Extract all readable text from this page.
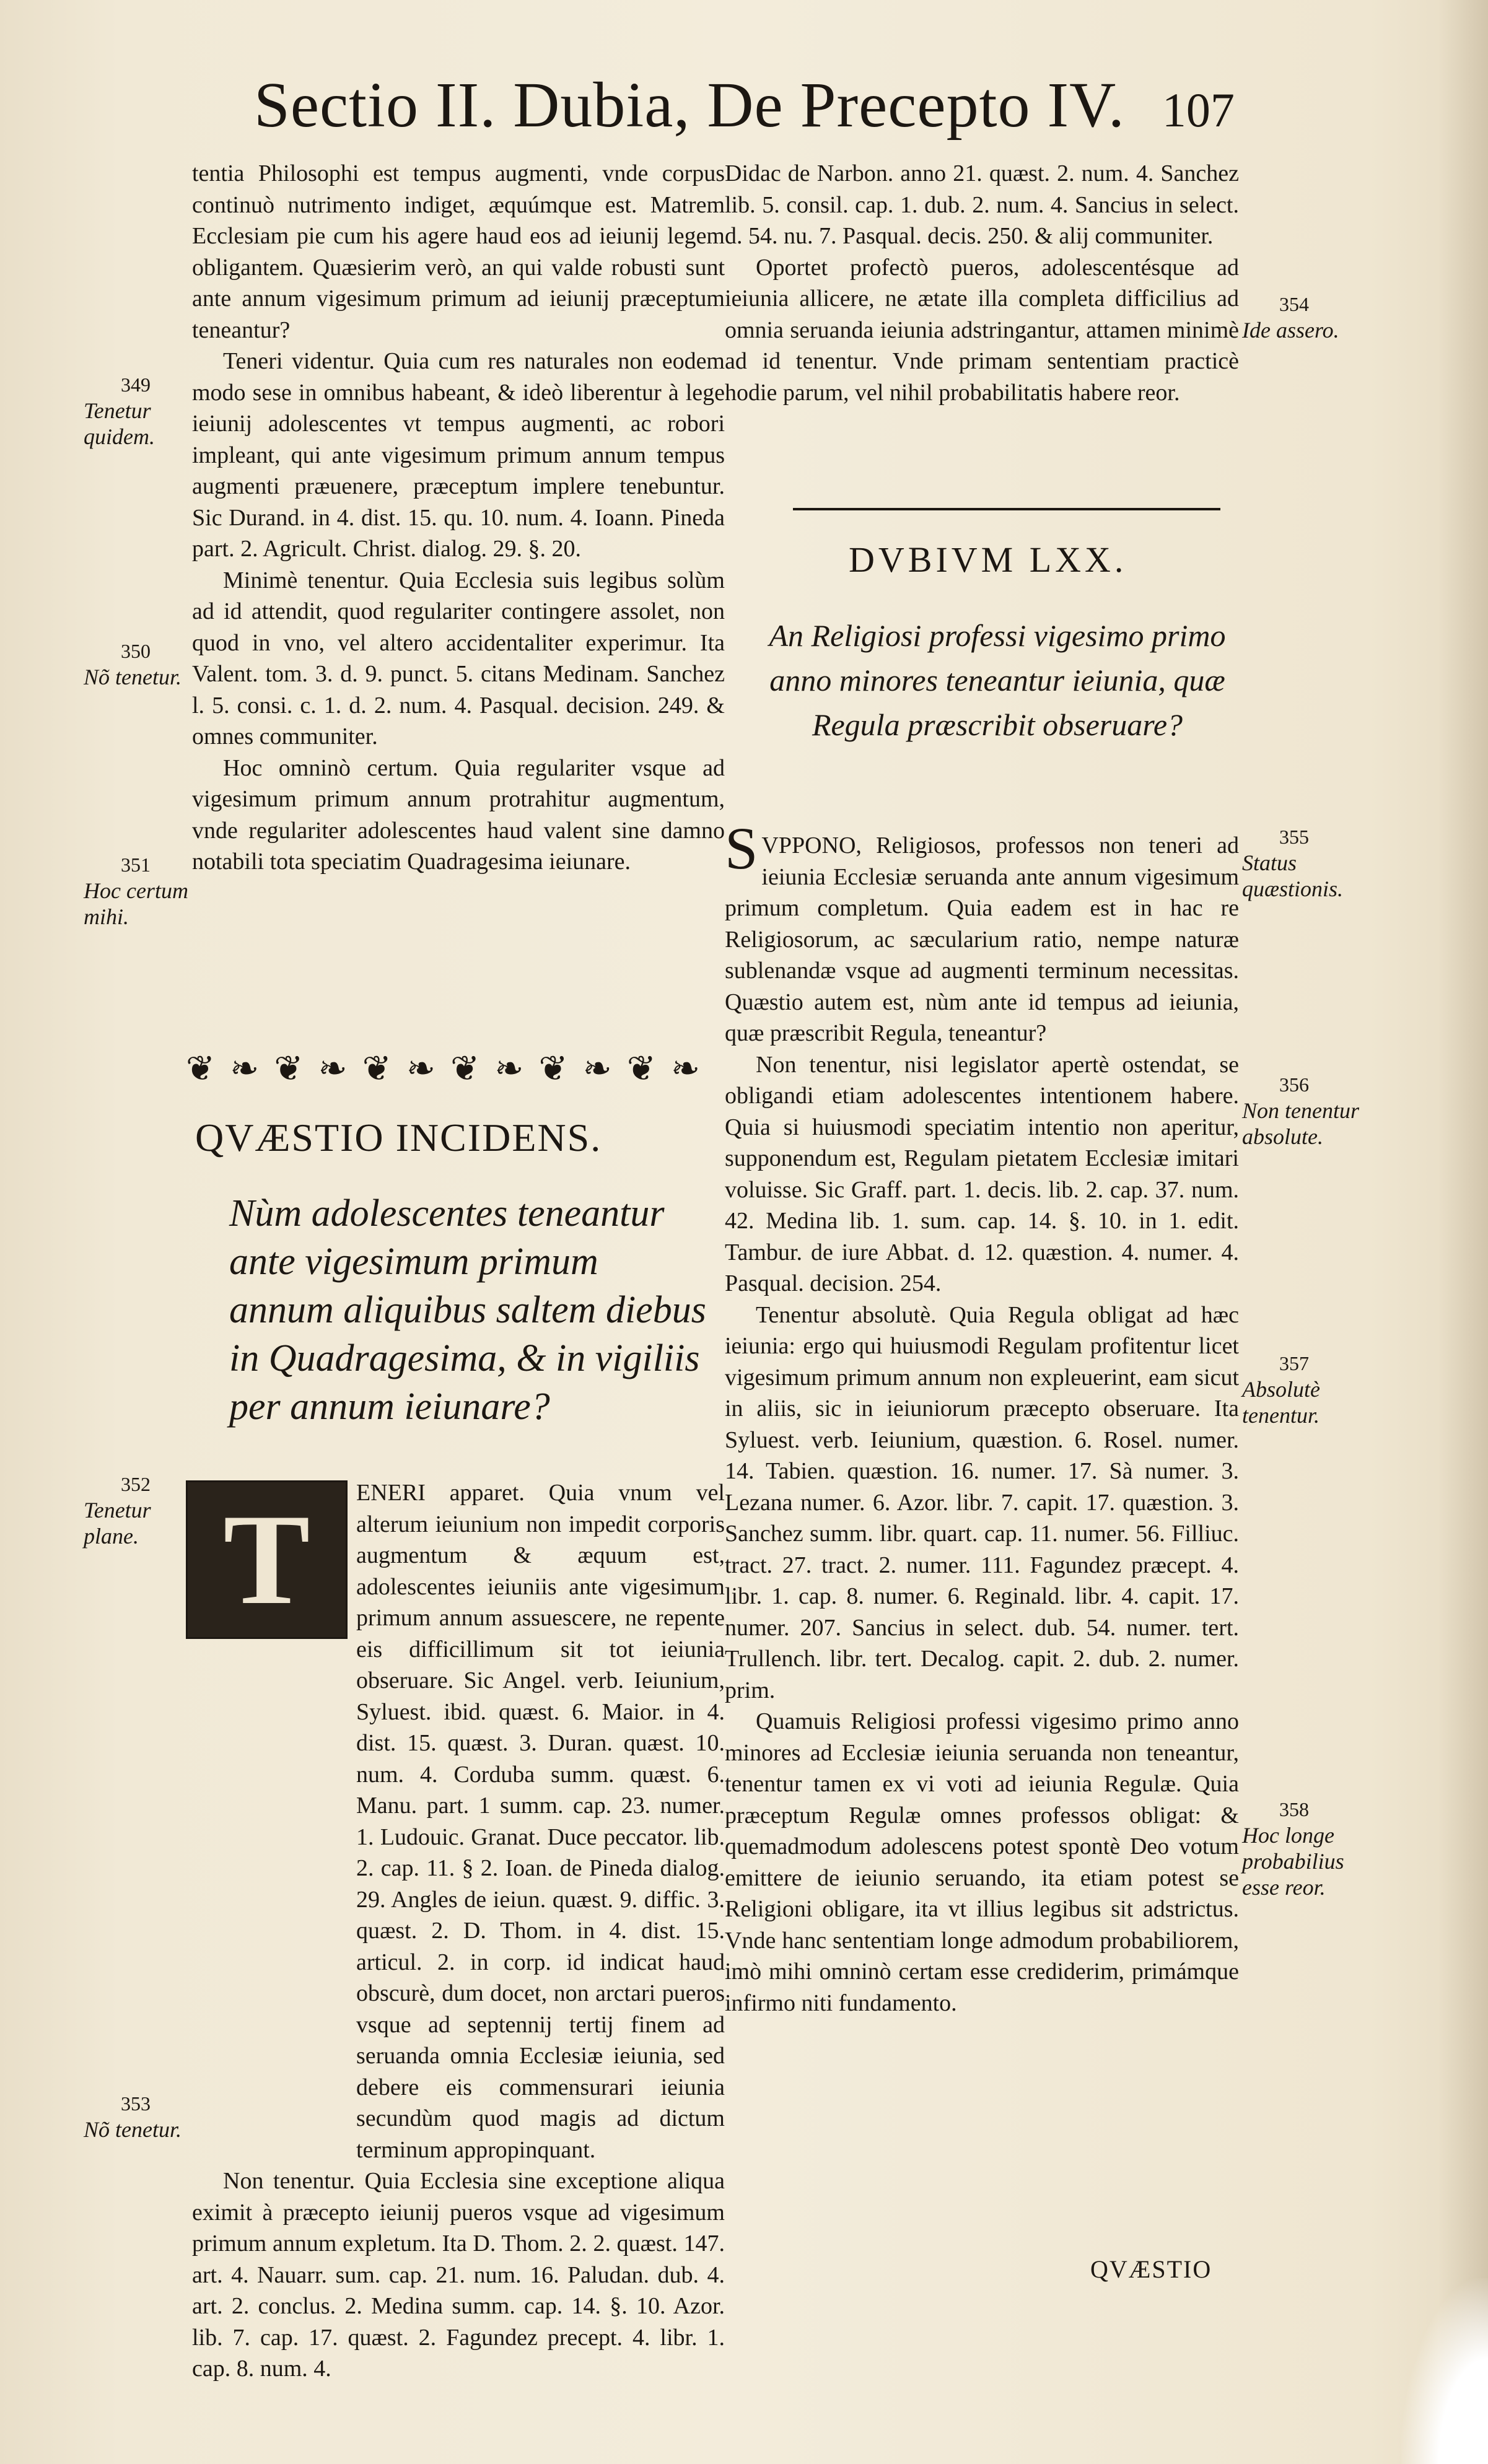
Sectio II. Dubia, De Precepto IV. 107

tentia Philosophi est tempus augmenti, vnde corpus continuò nutrimento indiget, æquúmque est. Matrem Ecclesiam pie cum his agere haud eos ad ieiunij legem obligantem. Quæsierim verò, an qui valde robusti sunt ante annum vigesimum primum ad ieiunij præceptum teneantur?

Teneri videntur. Quia cum res naturales non eodem modo sese in omnibus habeant, & ideò liberentur à lege ieiunij adolescentes vt tempus augmenti, ac robori impleant, qui ante vigesimum primum annum tempus augmenti præuenere, præceptum implere tenebuntur. Sic Durand. in 4. dist. 15. qu. 10. num. 4. Ioann. Pineda part. 2. Agricult. Christ. dialog. 29. §. 20.

Minimè tenentur. Quia Ecclesia suis legibus solùm ad id attendit, quod regulariter contingere assolet, non quod in vno, vel altero accidentaliter experimur. Ita Valent. tom. 3. d. 9. punct. 5. citans Medinam. Sanchez l. 5. consi. c. 1. d. 2. num. 4. Pasqual. decision. 249. & omnes communiter.

Hoc omninò certum. Quia regulariter vsque ad vigesimum primum annum protrahitur augmentum, vnde regulariter adolescentes haud valent sine damno notabili tota speciatim Quadragesima ieiunare.

❦ ❧ ❦ ❧ ❦ ❧ ❦ ❧ ❦ ❧ ❦ ❧
QVÆSTIO INCIDENS.
Nùm adolescentes teneantur ante vigesimum primum annum aliquibus saltem diebus in Quadragesima, & in vigiliis per annum ieiunare?
T	ENERI apparet. Quia vnum vel alterum ieiunium non impedit corporis augmentum & æquum est, adolescentes ieiuniis ante vigesimum primum annum assuescere, ne repente eis difficillimum sit tot ieiunia obseruare. Sic Angel. verb. Ieiunium, Syluest. ibid. quæst. 6. Maior. in 4. dist. 15. quæst. 3. Duran. quæst. 10. num. 4. Corduba summ. quæst. 6. Manu. part. 1 summ. cap. 23. numer. 1. Ludouic. Granat. Duce peccator. lib. 2. cap. 11. § 2. Ioan. de Pineda dialog. 29. Angles de ieiun. quæst. 9. diffic. 3. quæst. 2. D. Thom. in 4. dist. 15. articul. 2. in corp. id indicat haud obscurè, dum docet, non arctari pueros vsque ad septennij tertij finem ad seruanda omnia Ecclesiæ ieiunia, sed debere eis commensurari ieiunia secundùm quod magis ad dictum terminum appropinquant.

Non tenentur. Quia Ecclesia sine exceptione aliqua eximit à præcepto ieiunij pueros vsque ad vigesimum primum annum expletum. Ita D. Thom. 2. 2. quæst. 147. art. 4. Nauarr. sum. cap. 21. num. 16. Paludan. dub. 4. art. 2. conclus. 2. Medina summ. cap. 14. §. 10. Azor. lib. 7. cap. 17. quæst. 2. Fagundez precept. 4. libr. 1. cap. 8. num. 4.

Didac de Narbon. anno 21. quæst. 2. num. 4. Sanchez lib. 5. consil. cap. 1. dub. 2. num. 4. Sancius in select. d. 54. nu. 7. Pasqual. decis. 250. & alij communiter.

Oportet profectò pueros, adolescentésque ad ieiunia allicere, ne ætate illa completa difficilius ad omnia seruanda ieiunia adstringantur, attamen minimè ad id tenentur. Vnde primam sententiam practicè hodie parum, vel nihil probabilitatis habere reor.

DVBIVM LXX.
An Religiosi professi vigesimo primo anno minores teneantur ieiunia, quæ Regula præscribit obseruare?

SVPPONO, Religiosos, professos non teneri ad ieiunia Ecclesiæ seruanda ante annum vigesimum primum completum. Quia eadem est in hac re Religiosorum, ac sæcularium ratio, nempe naturæ sublenandæ vsque ad augmenti terminum necessitas. Quæstio autem est, nùm ante id tempus ad ieiunia, quæ præscribit Regula, teneantur?

Non tenentur, nisi legislator apertè ostendat, se obligandi etiam adolescentes intentionem habere. Quia si huiusmodi speciatim intentio non aperitur, supponendum est, Regulam pietatem Ecclesiæ imitari voluisse. Sic Graff. part. 1. decis. lib. 2. cap. 37. num. 42. Medina lib. 1. sum. cap. 14. §. 10. in 1. edit. Tambur. de iure Abbat. d. 12. quæstion. 4. numer. 4. Pasqual. decision. 254.

Tenentur absolutè. Quia Regula obligat ad hæc ieiunia: ergo qui huiusmodi Regulam profitentur licet vigesimum primum annum non expleuerint, eam sicut in aliis, sic in ieiuniorum præcepto obseruare. Ita Syluest. verb. Ieiunium, quæstion. 6. Rosel. numer. 14. Tabien. quæstion. 16. numer. 17. Sà numer. 3. Lezana numer. 6. Azor. libr. 7. capit. 17. quæstion. 3. Sanchez summ. libr. quart. cap. 11. numer. 56. Filliuc. tract. 27. tract. 2. numer. 111. Fagundez præcept. 4. libr. 1. cap. 8. numer. 6. Reginald. libr. 4. capit. 17. numer. 207. Sancius in select. dub. 54. numer. tert. Trullench. libr. tert. Decalog. capit. 2. dub. 2. numer. prim.

Quamuis Religiosi professi vigesimo primo anno minores ad Ecclesiæ ieiunia seruanda non teneantur, tenentur tamen ex vi voti ad ieiunia Regulæ. Quia præceptum Regulæ omnes professos obligat: & quemadmodum adolescens potest spontè Deo votum emittere de ieiunio seruando, ita etiam potest se Religioni obligare, ita vt illius legibus sit adstrictus. Vnde hanc sententiam longe admodum probabiliorem, imò mihi omninò certam esse crediderim, primámque infirmo niti fundamento.

349
Tenetur quidem.
350
Nõ tenetur.
351
Hoc certum mihi.
352
Tenetur plane.
353
Nõ tenetur.
354
Ide assero.
355
Status quæstionis.
356
Non tenentur absolute.
357
Absolutè tenentur.
358
Hoc longe probabilius esse reor.
QVÆSTIO
